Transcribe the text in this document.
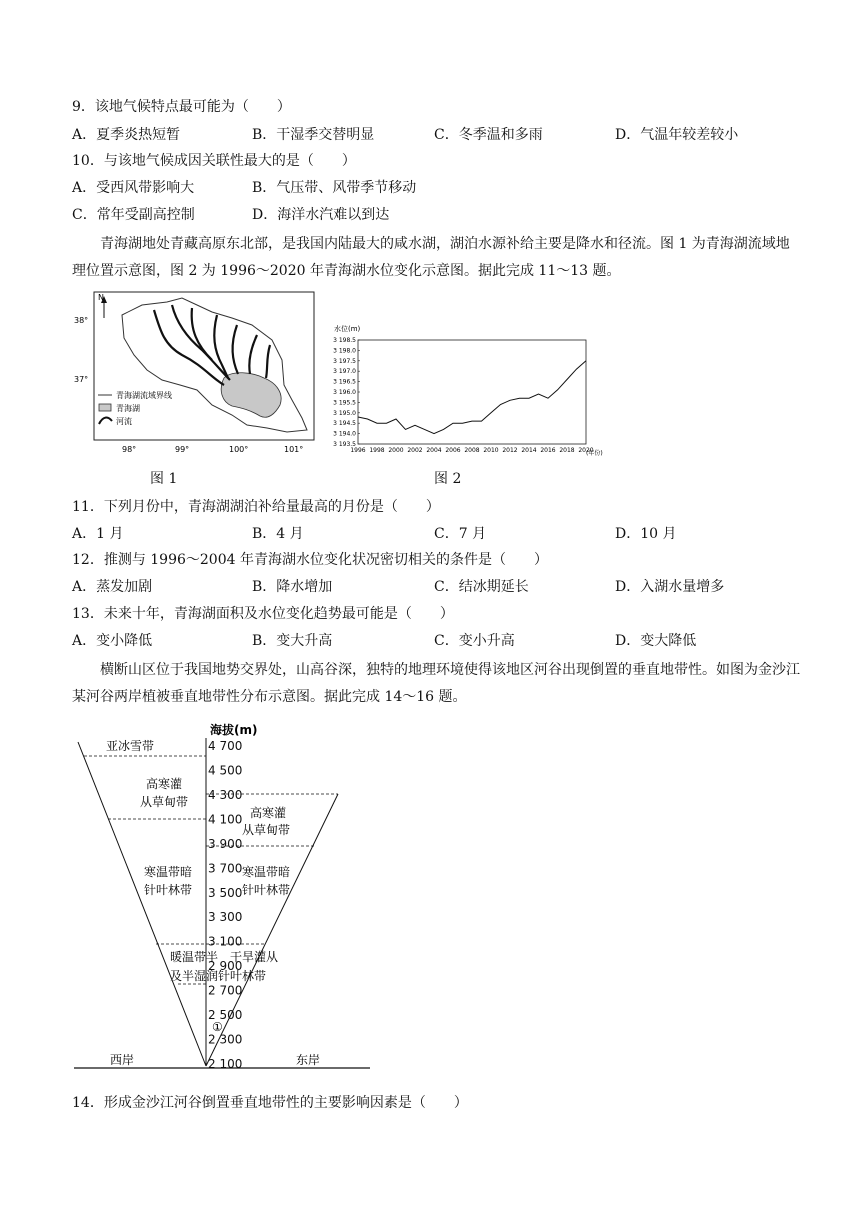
9．该地气候特点最可能为（　　）
A．夏季炎热短暂	B．干湿季交替明显	C．冬季温和多雨	D．气温年较差较小
10．与该地气候成因关联性最大的是（　　）
A．受西风带影响大	B．气压带、风带季节移动
C．常年受副高控制	D．海洋水汽难以到达
青海湖地处青藏高原东北部，是我国内陆最大的咸水湖，湖泊水源补给主要是降水和径流。图 1 为青海湖流域地理位置示意图，图 2 为 1996～2020 年青海湖水位变化示意图。据此完成 11～13 题。
N
38°
37°
青海湖流域界线
青海湖
河流
98°	99°	100°	101°
图 1
水位(m)
3 198.5
3 198.0
3 197.5
3 197.0
3 196.5
3 196.0
3 195.5
3 195.0
3 194.5
3 194.0
3 193.5
1996 1998 2000 2002 2004 2006 2008 2010 2012 2014 2016 2018 2020
(年份)
图 2
11．下列月份中，青海湖湖泊补给量最高的月份是（　　）
A．1 月	B．4 月	C．7 月	D．10 月
12．推测与 1996～2004 年青海湖水位变化状况密切相关的条件是（　　）
A．蒸发加剧	B．降水增加	C．结冰期延长	D．入湖水量增多
13．未来十年，青海湖面积及水位变化趋势最可能是（　　）
A．变小降低	B．变大升高	C．变小升高	D．变大降低
横断山区位于我国地势交界处，山高谷深，独特的地理环境使得该地区河谷出现倒置的垂直地带性。如图为金沙江某河谷两岸植被垂直地带性分布示意图。据此完成 14～16 题。
海拔(m)
4 700
4 500
4 300
4 100
3 900
3 700
3 500
3 300
3 100
2 900
2 700
2 500
2 300
2 100
亚冰雪带
高寒灌
从草甸带
寒温带暗
针叶林带
暖温带半
高寒灌
从草甸带
寒温带暗
针叶林带
干旱灌从
及半湿润针叶林带
①
西岸	东岸
14．形成金沙江河谷倒置垂直地带性的主要影响因素是（　　）
